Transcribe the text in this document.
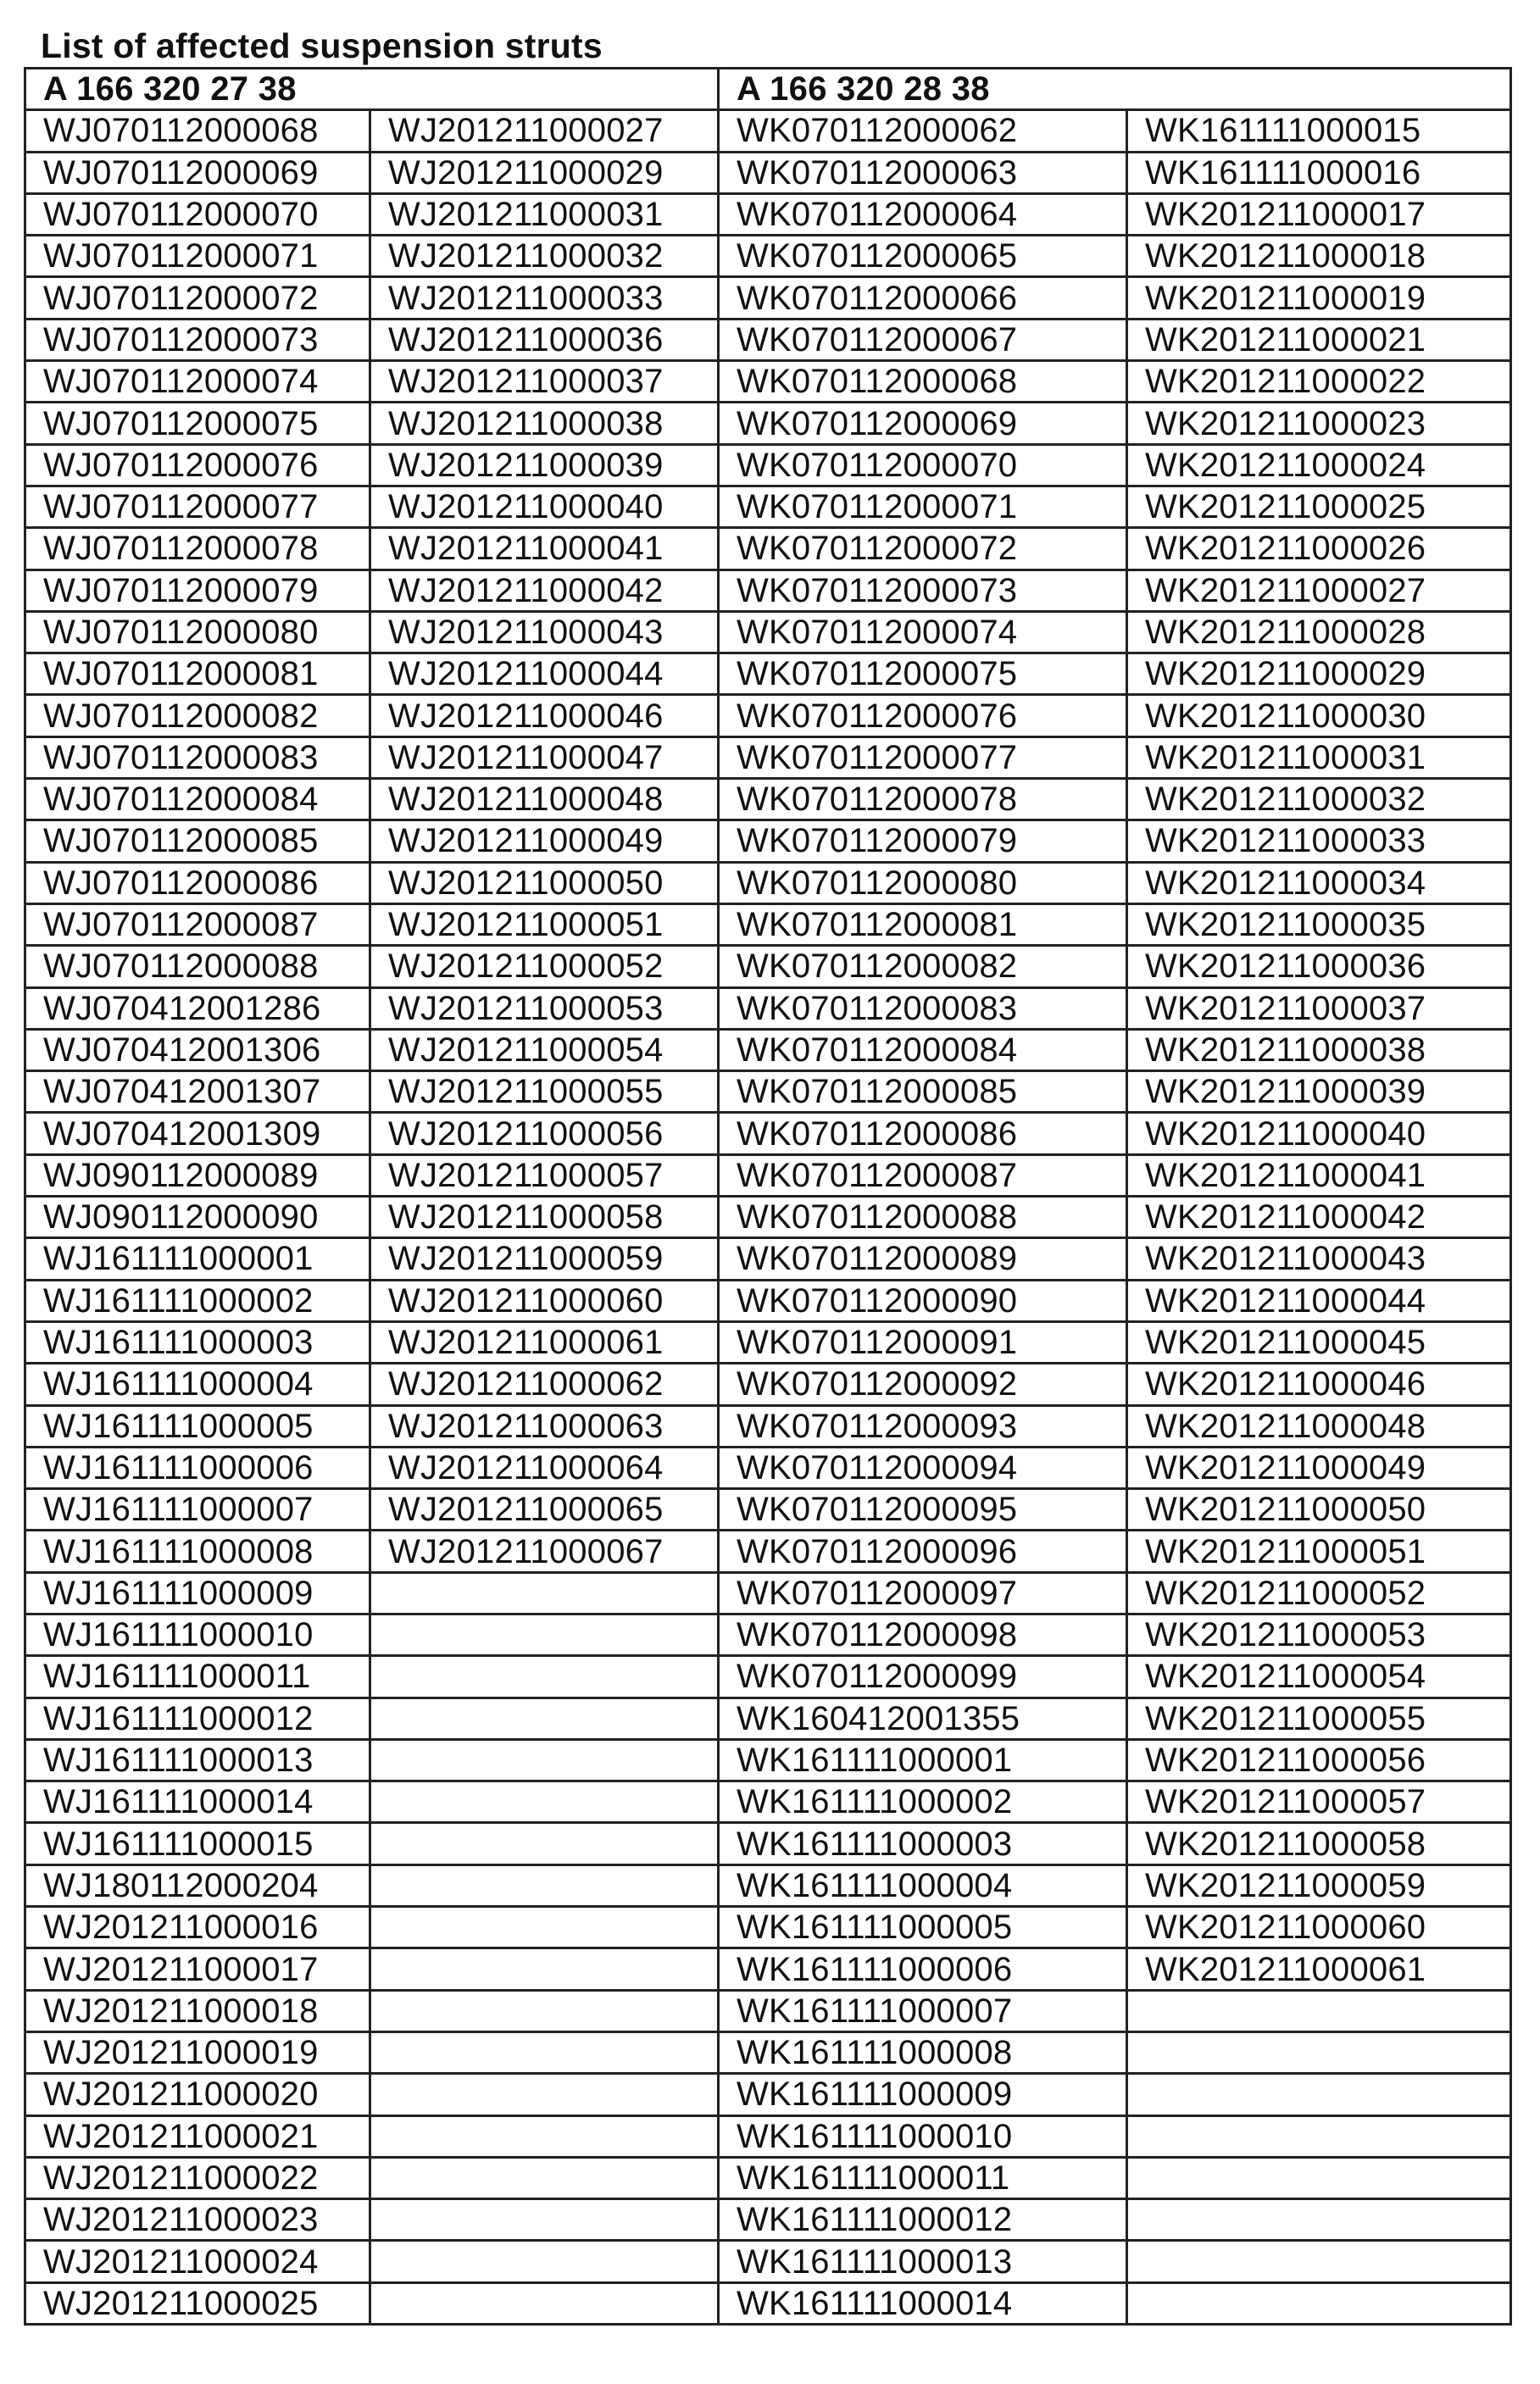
List of affected suspension struts
A 166 320 27 38		A 166 320 28 38	
WJ070112000068	WJ201211000027	WK070112000062	WK161111000015
WJ070112000069	WJ201211000029	WK070112000063	WK161111000016
WJ070112000070	WJ201211000031	WK070112000064	WK201211000017
WJ070112000071	WJ201211000032	WK070112000065	WK201211000018
WJ070112000072	WJ201211000033	WK070112000066	WK201211000019
WJ070112000073	WJ201211000036	WK070112000067	WK201211000021
WJ070112000074	WJ201211000037	WK070112000068	WK201211000022
WJ070112000075	WJ201211000038	WK070112000069	WK201211000023
WJ070112000076	WJ201211000039	WK070112000070	WK201211000024
WJ070112000077	WJ201211000040	WK070112000071	WK201211000025
WJ070112000078	WJ201211000041	WK070112000072	WK201211000026
WJ070112000079	WJ201211000042	WK070112000073	WK201211000027
WJ070112000080	WJ201211000043	WK070112000074	WK201211000028
WJ070112000081	WJ201211000044	WK070112000075	WK201211000029
WJ070112000082	WJ201211000046	WK070112000076	WK201211000030
WJ070112000083	WJ201211000047	WK070112000077	WK201211000031
WJ070112000084	WJ201211000048	WK070112000078	WK201211000032
WJ070112000085	WJ201211000049	WK070112000079	WK201211000033
WJ070112000086	WJ201211000050	WK070112000080	WK201211000034
WJ070112000087	WJ201211000051	WK070112000081	WK201211000035
WJ070112000088	WJ201211000052	WK070112000082	WK201211000036
WJ070412001286	WJ201211000053	WK070112000083	WK201211000037
WJ070412001306	WJ201211000054	WK070112000084	WK201211000038
WJ070412001307	WJ201211000055	WK070112000085	WK201211000039
WJ070412001309	WJ201211000056	WK070112000086	WK201211000040
WJ090112000089	WJ201211000057	WK070112000087	WK201211000041
WJ090112000090	WJ201211000058	WK070112000088	WK201211000042
WJ161111000001	WJ201211000059	WK070112000089	WK201211000043
WJ161111000002	WJ201211000060	WK070112000090	WK201211000044
WJ161111000003	WJ201211000061	WK070112000091	WK201211000045
WJ161111000004	WJ201211000062	WK070112000092	WK201211000046
WJ161111000005	WJ201211000063	WK070112000093	WK201211000048
WJ161111000006	WJ201211000064	WK070112000094	WK201211000049
WJ161111000007	WJ201211000065	WK070112000095	WK201211000050
WJ161111000008	WJ201211000067	WK070112000096	WK201211000051
WJ161111000009		WK070112000097	WK201211000052
WJ161111000010		WK070112000098	WK201211000053
WJ161111000011		WK070112000099	WK201211000054
WJ161111000012		WK160412001355	WK201211000055
WJ161111000013		WK161111000001	WK201211000056
WJ161111000014		WK161111000002	WK201211000057
WJ161111000015		WK161111000003	WK201211000058
WJ180112000204		WK161111000004	WK201211000059
WJ201211000016		WK161111000005	WK201211000060
WJ201211000017		WK161111000006	WK201211000061
WJ201211000018		WK161111000007	
WJ201211000019		WK161111000008	
WJ201211000020		WK161111000009	
WJ201211000021		WK161111000010	
WJ201211000022		WK161111000011	
WJ201211000023		WK161111000012	
WJ201211000024		WK161111000013	
WJ201211000025		WK161111000014	
